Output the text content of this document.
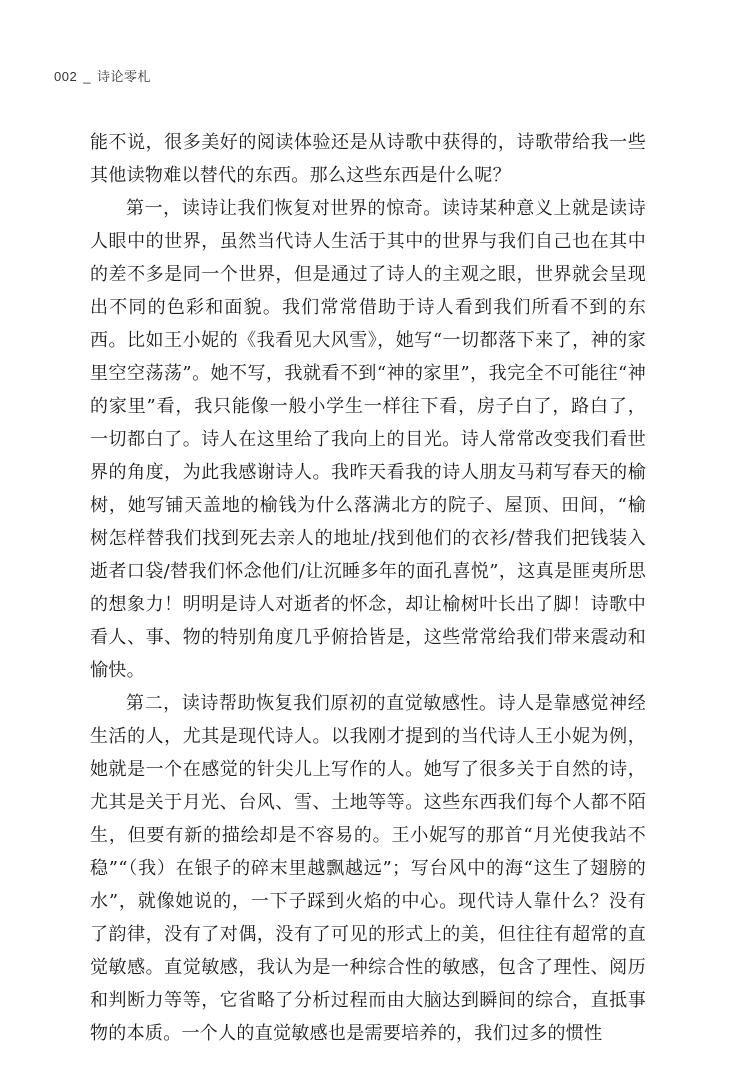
002 _ 诗论零札

能不说，很多美好的阅读体验还是从诗歌中获得的，诗歌带给我一些其他读物难以替代的东西。那么这些东西是什么呢？

第一，读诗让我们恢复对世界的惊奇。读诗某种意义上就是读诗人眼中的世界，虽然当代诗人生活于其中的世界与我们自己也在其中的差不多是同一个世界，但是通过了诗人的主观之眼，世界就会呈现出不同的色彩和面貌。我们常常借助于诗人看到我们所看不到的东西。比如王小妮的《我看见大风雪》，她写“一切都落下来了，神的家里空空荡荡”。她不写，我就看不到“神的家里”，我完全不可能往“神的家里”看，我只能像一般小学生一样往下看，房子白了，路白了，一切都白了。诗人在这里给了我向上的目光。诗人常常改变我们看世界的角度，为此我感谢诗人。我昨天看我的诗人朋友马莉写春天的榆树，她写铺天盖地的榆钱为什么落满北方的院子、屋顶、田间，“榆树怎样替我们找到死去亲人的地址/找到他们的衣衫/替我们把钱装入逝者口袋/替我们怀念他们/让沉睡多年的面孔喜悦”，这真是匪夷所思的想象力！明明是诗人对逝者的怀念，却让榆树叶长出了脚！诗歌中看人、事、物的特别角度几乎俯拾皆是，这些常常给我们带来震动和愉快。

第二，读诗帮助恢复我们原初的直觉敏感性。诗人是靠感觉神经生活的人，尤其是现代诗人。以我刚才提到的当代诗人王小妮为例，她就是一个在感觉的针尖儿上写作的人。她写了很多关于自然的诗，尤其是关于月光、台风、雪、土地等等。这些东西我们每个人都不陌生，但要有新的描绘却是不容易的。王小妮写的那首“月光使我站不稳”“（我）在银子的碎末里越飘越远”；写台风中的海“这生了翅膀的水”，就像她说的，一下子踩到火焰的中心。现代诗人靠什么？没有了韵律，没有了对偶，没有了可见的形式上的美，但往往有超常的直觉敏感。直觉敏感，我认为是一种综合性的敏感，包含了理性、阅历和判断力等等，它省略了分析过程而由大脑达到瞬间的综合，直抵事物的本质。一个人的直觉敏感也是需要培养的，我们过多的惯性
